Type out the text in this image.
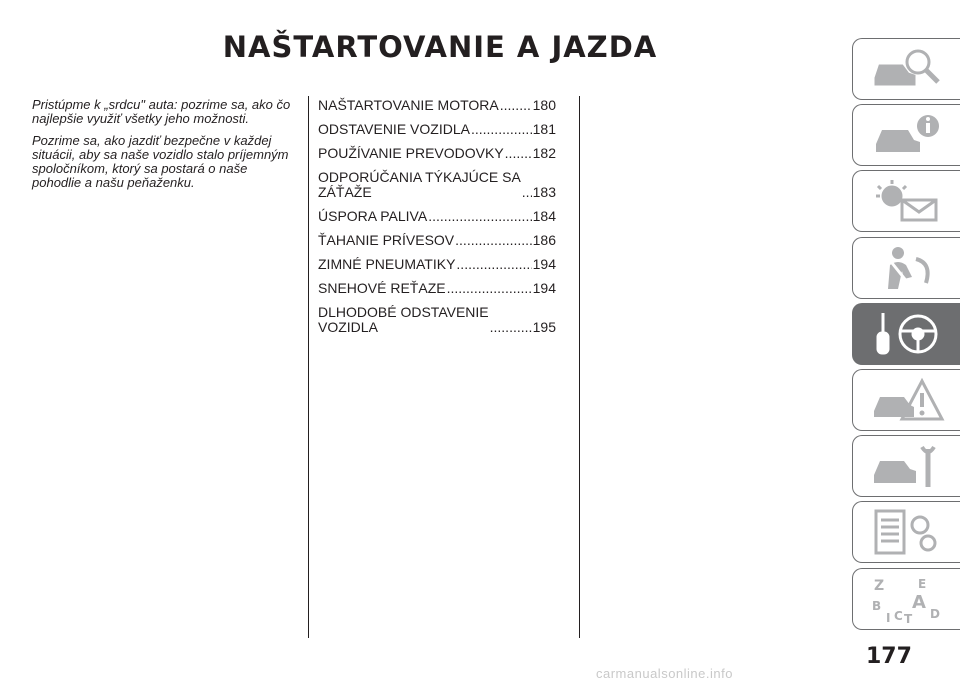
NAŠTARTOVANIE A JAZDA

Pristúpme k „srdcu" auta: pozrime sa, ako čo najlepšie využiť všetky jeho možnosti.

Pozrime sa, ako jazdiť bezpečne v každej situácii, aby sa naše vozidlo stalo príjemným spoločníkom, ktorý sa postará o naše pohodlie a našu peňaženku.

NAŠTARTOVANIE MOTORA ..... 180
ODSTAVENIE VOZIDLA .....	181
POUŽÍVANIE PREVODOVKY ..... 182
ODPORÚČANIA TÝKAJÚCE SA
ZÁŤAŽE .....	183
ÚSPORA PALIVA .....	184
ŤAHANIE PRÍVESOV .....	186
ZIMNÉ PNEUMATIKY .....	194
SNEHOVÉ REŤAZE .....	194
DLHODOBÉ ODSTAVENIE
VOZIDLA .....	195
Z	E
B A
D
I C T
177
carmanualsonline.info
